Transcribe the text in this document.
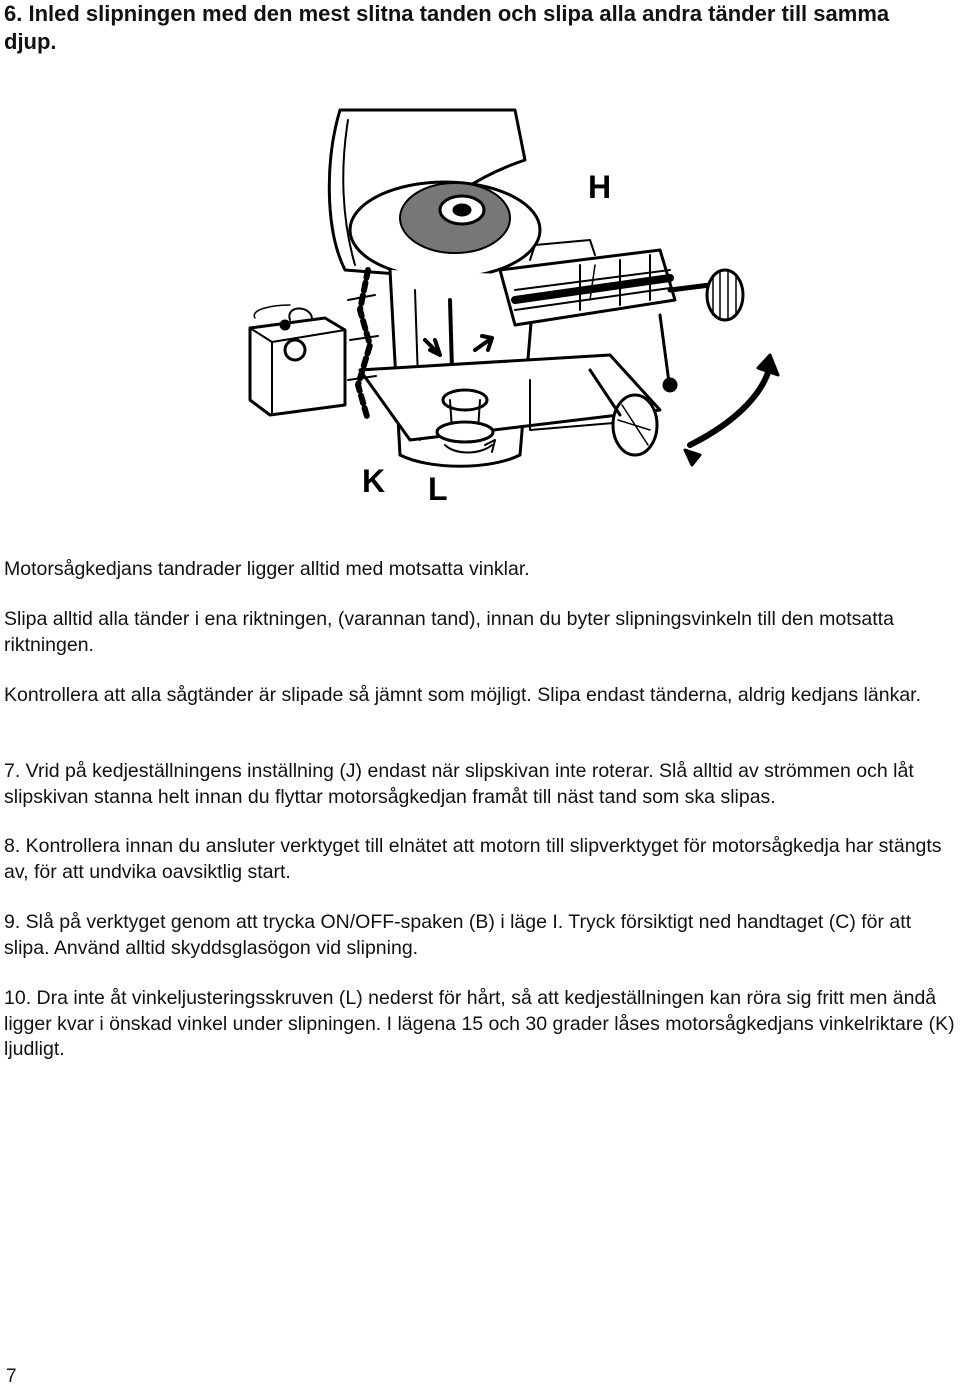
6. Inled slipningen med den mest slitna tanden och slipa alla andra tänder till samma djup.
H
K L

Motorsågkedjans tandrader ligger alltid med motsatta vinklar.

Slipa alltid alla tänder i ena riktningen, (varannan tand), innan du byter slipningsvinkeln till den motsatta riktningen.

Kontrollera att alla sågtänder är slipade så jämnt som möjligt. Slipa endast tänderna, aldrig kedjans länkar.

7. Vrid på kedjeställningens inställning (J) endast när slipskivan inte roterar. Slå alltid av strömmen och låt slipskivan stanna helt innan du flyttar motorsågkedjan framåt till näst tand som ska slipas.

8. Kontrollera innan du ansluter verktyget till elnätet att motorn till slipverktyget för motorsågkedja har stängts av, för att undvika oavsiktlig start.

9. Slå på verktyget genom att trycka ON/OFF-spaken (B) i läge I. Tryck försiktigt ned handtaget (C) för att slipa. Använd alltid skyddsglasögon vid slipning.

10. Dra inte åt vinkeljusteringsskruven (L) nederst för hårt, så att kedjeställningen kan röra sig fritt men ändå ligger kvar i önskad vinkel under slipningen. I lägena 15 och 30 grader låses motorsågkedjans vinkelriktare (K) ljudligt.

7
